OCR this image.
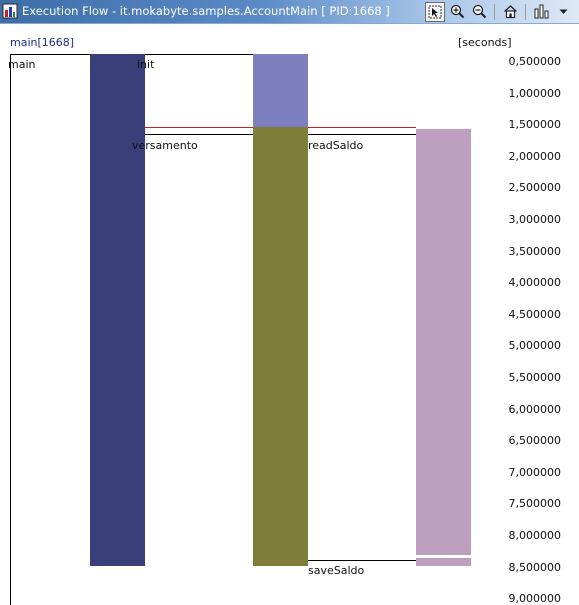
Execution Flow - it.mokabyte.samples.AccountMain [ PID:1668 ]
main[1668]	[seconds]
main	init
versamento	readSaldo
saveSaldo
0,500000
1,000000
1,500000
2,000000
2,500000
3,000000
3,500000
4,000000
4,500000
5,000000
5,500000
6,000000
6,500000
7,000000
7,500000
8,000000
8,500000
9,000000
